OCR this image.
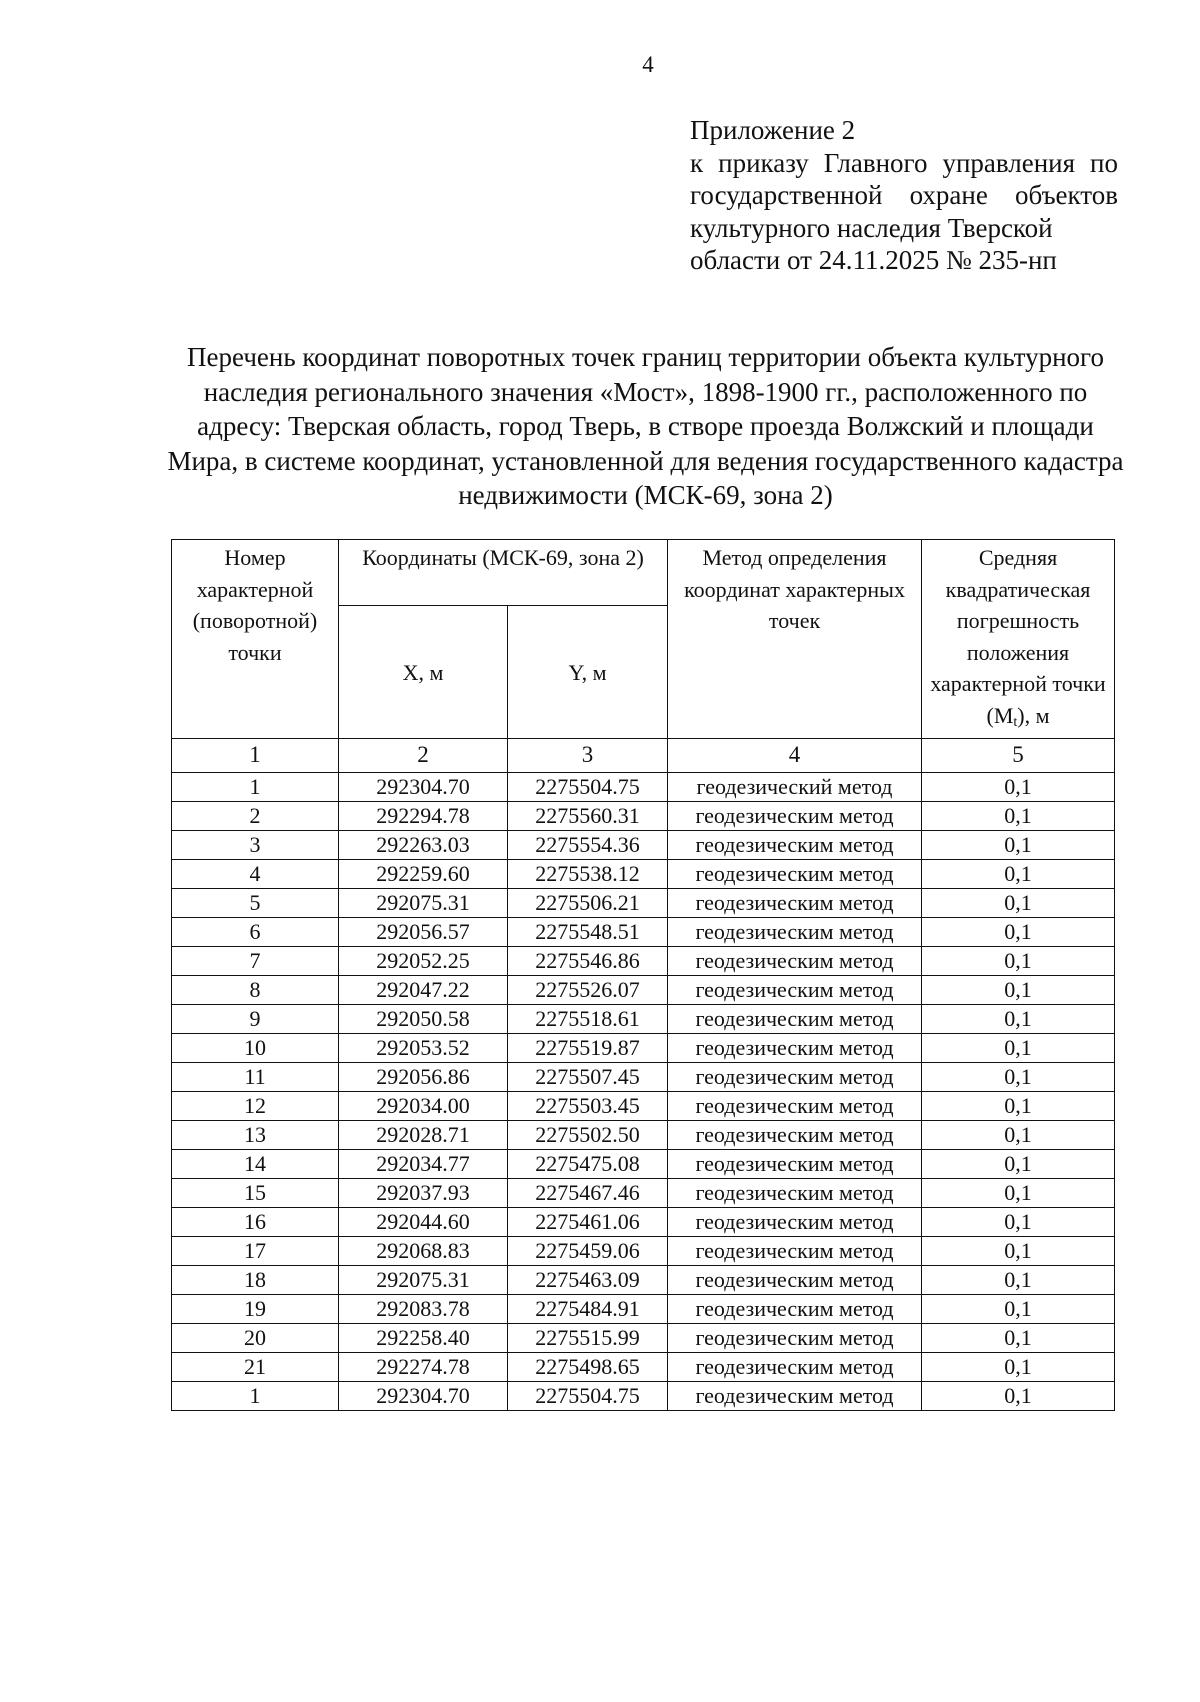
4
Приложение 2
к приказу Главного управления по государственной охране объектов культурного наследия Тверской
области от 24.11.2025 № 235-нп
Перечень координат поворотных точек границ территории объекта культурного наследия регионального значения «Мост», 1898-1900 гг., расположенного по адресу: Тверская область, город Тверь, в створе проезда Волжский и площади Мира, в системе координат, установленной для ведения государственного кадастра недвижимости (МСК-69, зона 2)
Номер характерной (поворотной) точки	Координаты (МСК-69, зона 2)		Метод определения координат характерных точек	Средняя квадратическая погрешность положения характерной точки (Mt), м
	X, м	Y, м		
1	2	3	4	5
1	292304.70	2275504.75	геодезический метод	0,1
2	292294.78	2275560.31	геодезическим метод	0,1
3	292263.03	2275554.36	геодезическим метод	0,1
4	292259.60	2275538.12	геодезическим метод	0,1
5	292075.31	2275506.21	геодезическим метод	0,1
6	292056.57	2275548.51	геодезическим метод	0,1
7	292052.25	2275546.86	геодезическим метод	0,1
8	292047.22	2275526.07	геодезическим метод	0,1
9	292050.58	2275518.61	геодезическим метод	0,1
10	292053.52	2275519.87	геодезическим метод	0,1
11	292056.86	2275507.45	геодезическим метод	0,1
12	292034.00	2275503.45	геодезическим метод	0,1
13	292028.71	2275502.50	геодезическим метод	0,1
14	292034.77	2275475.08	геодезическим метод	0,1
15	292037.93	2275467.46	геодезическим метод	0,1
16	292044.60	2275461.06	геодезическим метод	0,1
17	292068.83	2275459.06	геодезическим метод	0,1
18	292075.31	2275463.09	геодезическим метод	0,1
19	292083.78	2275484.91	геодезическим метод	0,1
20	292258.40	2275515.99	геодезическим метод	0,1
21	292274.78	2275498.65	геодезическим метод	0,1
1	292304.70	2275504.75	геодезическим метод	0,1
